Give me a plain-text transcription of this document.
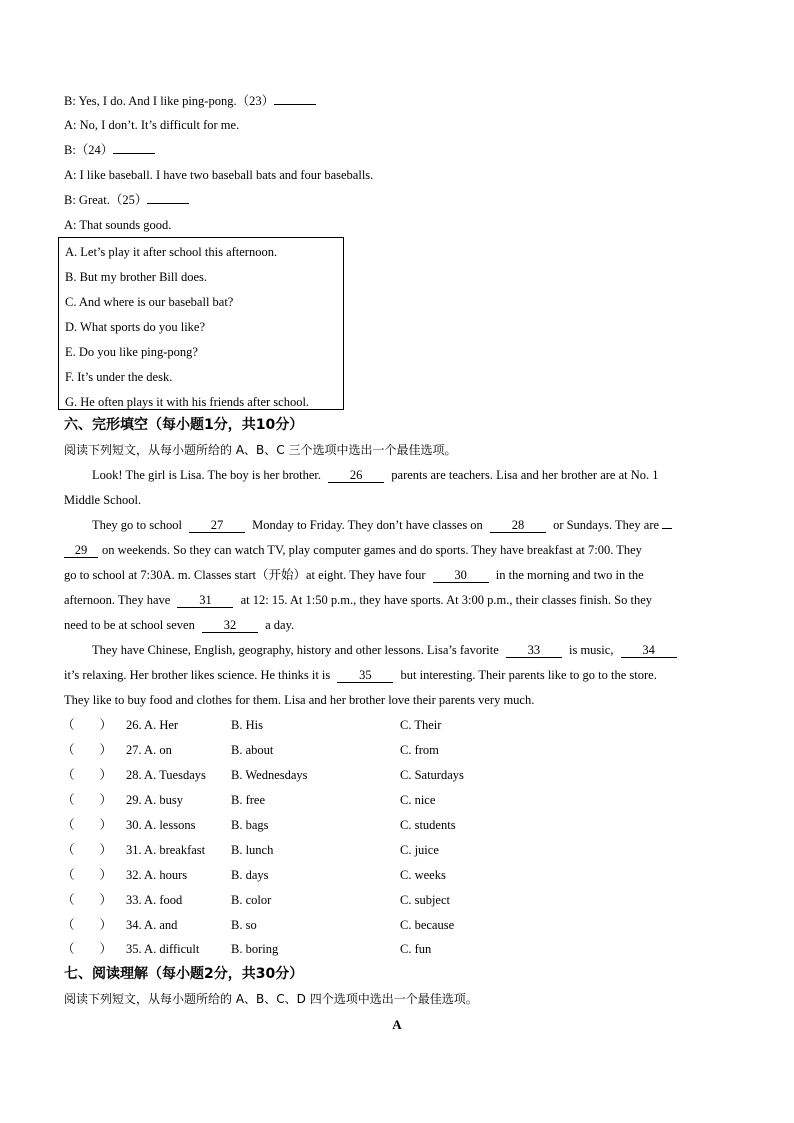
B: Yes, I do. And I like ping-pong.（23）
A: No, I don’t. It’s difficult for me.
B:（24）
A: I like baseball. I have two baseball bats and four baseballs.
B: Great.（25）
A: That sounds good.
A. Let’s play it after school this afternoon.
B. But my brother Bill does.
C. And where is our baseball bat?
D. What sports do you like?
E. Do you like ping-pong?
F. It’s under the desk.
G. He often plays it with his friends after school.
六、完形填空（每小题1分，共10分）
阅读下列短文，从每小题所给的 A、B、C 三个选项中选出一个最佳选项。
Look! The girl is Lisa. The boy is her brother. 26 parents are teachers. Lisa and her brother are at No. 1
Middle School.
They go to school 27 Monday to Friday. They don’t have classes on 28 or Sundays. They are
29 on weekends. So they can watch TV, play computer games and do sports. They have breakfast at 7:00. They
go to school at 7:30A. m. Classes start（开始）at eight. They have four 30 in the morning and two in the
afternoon. They have 31 at 12: 15. At 1:50 p.m., they have sports. At 3:00 p.m., their classes finish. So they
need to be at school seven 32 a day.
They have Chinese, English, geography, history and other lessons. Lisa’s favorite 33 is music, 34
it’s relaxing. Her brother likes science. He thinks it is 35 but interesting. Their parents like to go to the store.
They like to buy food and clothes for them. Lisa and her brother love their parents very much.
（　　） 26. A. Her	B. His	C. Their
（　　） 27. A. on	B. about	C. from
（　　） 28. A. Tuesdays B. Wednesdays	C. Saturdays
（　　） 29. A. busy	B. free	C. nice
（　　） 30. A. lessons	B. bags	C. students
（　　） 31. A. breakfast B. lunch	C. juice
（　　） 32. A. hours	B. days	C. weeks
（　　） 33. A. food	B. color	C. subject
（　　） 34. A. and	B. so	C. because
（　　） 35. A. difficult	B. boring	C. fun
七、阅读理解（每小题2分，共30分）
阅读下列短文，从每小题所给的 A、B、C、D 四个选项中选出一个最佳选项。
A
